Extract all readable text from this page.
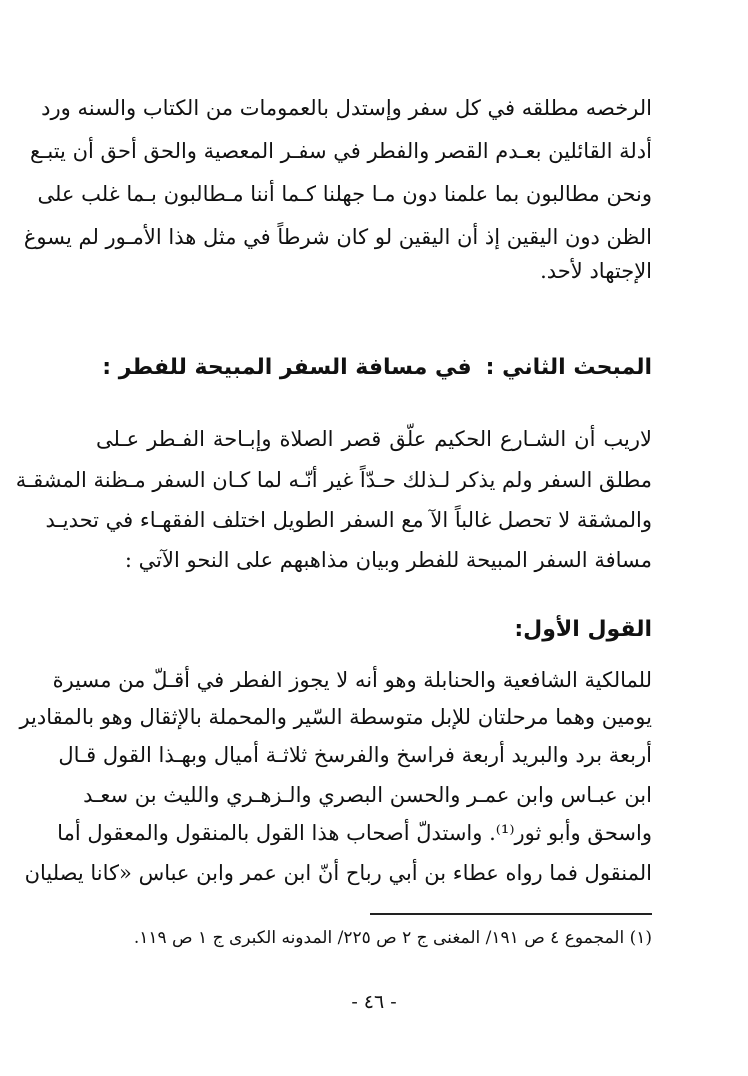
الرخصه مطلقه في كل سفر وإستدل بالعمومات من الكتاب والسنه ورد
أدلة القائلين بعـدم القصر والفطر في سفـر المعصية والحق أحق أن يتبـع
ونحن مطالبون بما علمنا دون مـا جهلنا كـما أننا مـطالبون بـما غلب على
الظن دون اليقين إذ أن اليقين لو كان شرطاً في مثل هذا الأمـور لم يسوغ
الإجتهاد لأحد.
المبحث الثاني :في مسافة السفر المبيحة للفطر :
لاريب أن الشـارع الحكيم علّق قصر الصلاة وإبـاحة الفـطر عـلى
مطلق السفر ولم يذكر لـذلك حـدّاً غير أنّـه لما كـان السفر مـظنة المشقـة
والمشقة لا تحصل غالباً الآ مع السفر الطويل اختلف الفقهـاء في تحديـد
مسافة السفر المبيحة للفطر وبيان مذاهبهم على النحو الآتي :
القول الأول:
للمالكية الشافعية والحنابلة وهو أنه لا يجوز الفطر في أقـلّ من مسيرة
يومين وهما مرحلتان للإبل متوسطة السّير والمحملة بالإثقال وهو بالمقادير
أربعة برد والبريد أربعة فراسخ والفرسخ ثلاثـة أميال وبهـذا القول قـال
ابن عبـاس وابن عمـر والحسن البصري والـزهـري والليث بن سعـد
واسحق وأبو ثور⁽¹⁾. واستدلّ أصحاب هذا القول بالمنقول والمعقول أما
المنقول فما رواه عطاء بن أبي رباح أنّ ابن عمر وابن عباس «كانا يصليان
(١) المجموع ٤ ص ١٩١/ المغنى ج ٢ ص ٢٢٥/ المدونه الكبرى ج ١ ص ١١٩.
- ٤٦ -
